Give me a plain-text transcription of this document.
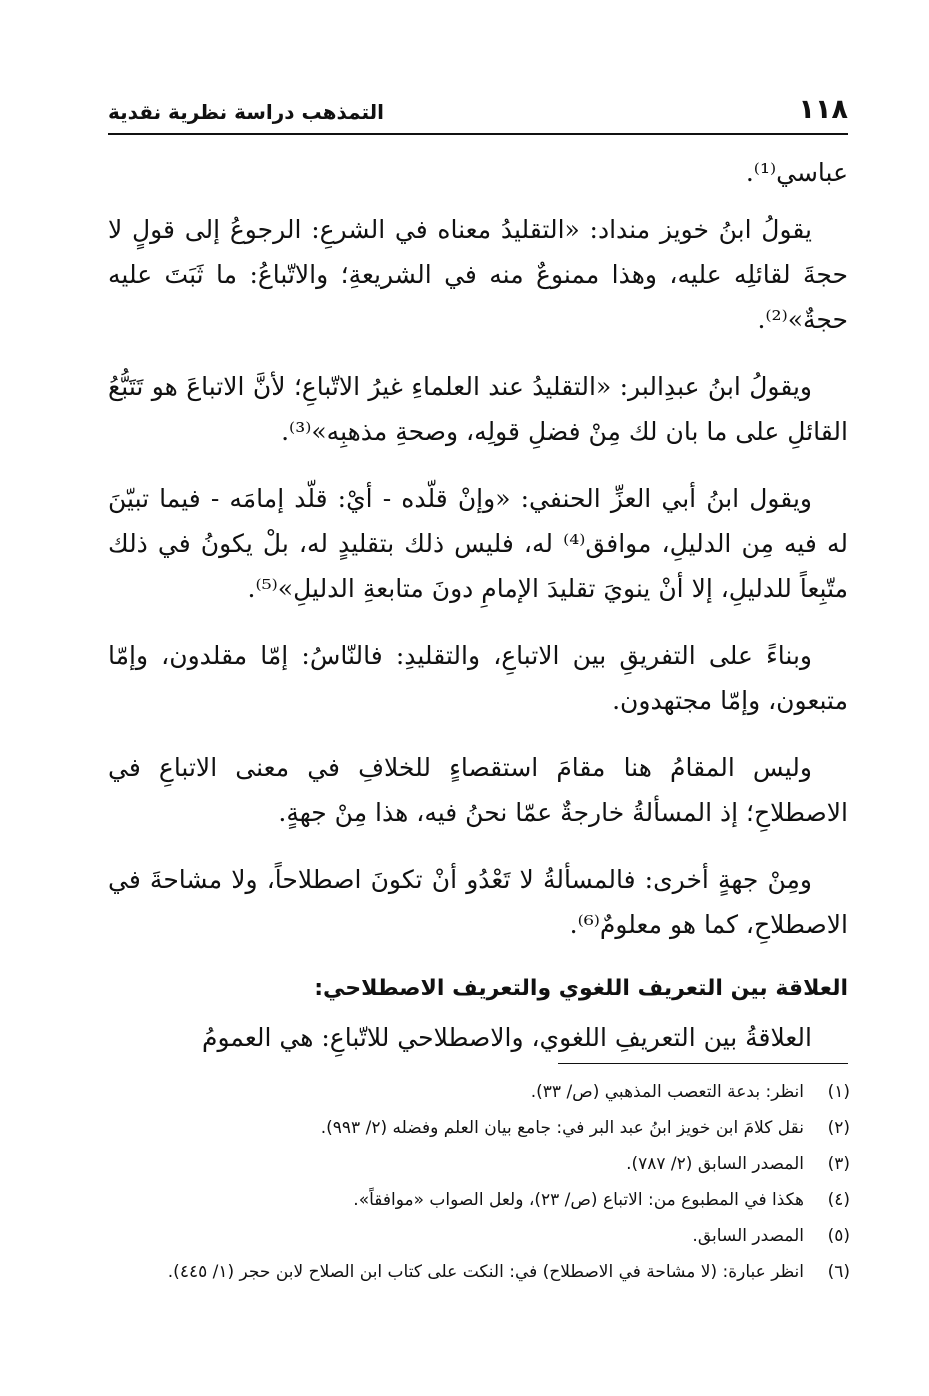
١١٨
التمذهب دراسة نظرية نقدية

عباسي⁽¹⁾.

يقولُ ابنُ خويز منداد: «التقليدُ معناه في الشرعِ: الرجوعُ إلى قولٍ لا حجةَ لقائلِه عليه، وهذا ممنوعٌ منه في الشريعةِ؛ والاتّباعُ: ما ثَبَتَ عليه حجةٌ»⁽²⁾.

ويقولُ ابنُ عبدِالبر: «التقليدُ عند العلماءِ غيرُ الاتّباعِ؛ لأنَّ الاتباعَ هو تَتَبُّعُ القائلِ على ما بان لك مِنْ فضلِ قولِه، وصحةِ مذهبِه»⁽³⁾.

ويقول ابنُ أبي العزِّ الحنفي: «وإنْ قلّده - أيْ: قلّد إمامَه - فيما تبيّنَ له فيه مِن الدليلِ، موافق⁽⁴⁾ له، فليس ذلك بتقليدٍ له، بلْ يكونُ في ذلك متّبِعاً للدليلِ، إلا أنْ ينويَ تقليدَ الإمامِ دونَ متابعةِ الدليلِ»⁽⁵⁾.

وبناءً على التفريقِ بين الاتباعِ، والتقليدِ: فالنّاسُ: إمّا مقلدون، وإمّا متبعون، وإمّا مجتهدون.

وليس المقامُ هنا مقامَ استقصاءٍ للخلافِ في معنى الاتباعِ في الاصطلاحِ؛ إذ المسألةُ خارجةٌ عمّا نحنُ فيه، هذا مِنْ جهةٍ.

ومِنْ جهةٍ أخرى: فالمسألةُ لا تَعْدُو أنْ تكونَ اصطلاحاً، ولا مشاحةَ في الاصطلاحِ، كما هو معلومٌ⁽⁶⁾.

العلاقة بين التعريف اللغوي والتعريف الاصطلاحي:

العلاقةُ بين التعريفِ اللغوي، والاصطلاحي للاتّباعِ: هي العمومُ

(١)
انظر: بدعة التعصب المذهبي (ص/ ٣٣).
(٢)
نقل كلامَ ابن خويز ابنُ عبد البر في: جامع بيان العلم وفضله (٢/ ٩٩٣).
(٣)
المصدر السابق (٢/ ٧٨٧).
(٤)
هكذا في المطبوع من: الاتباع (ص/ ٢٣)، ولعل الصواب «موافقاً».
(٥)
المصدر السابق.
(٦)
انظر عبارة: (لا مشاحة في الاصطلاح) في: النكت على كتاب ابن الصلاح لابن حجر (١/ ٤٤٥).
